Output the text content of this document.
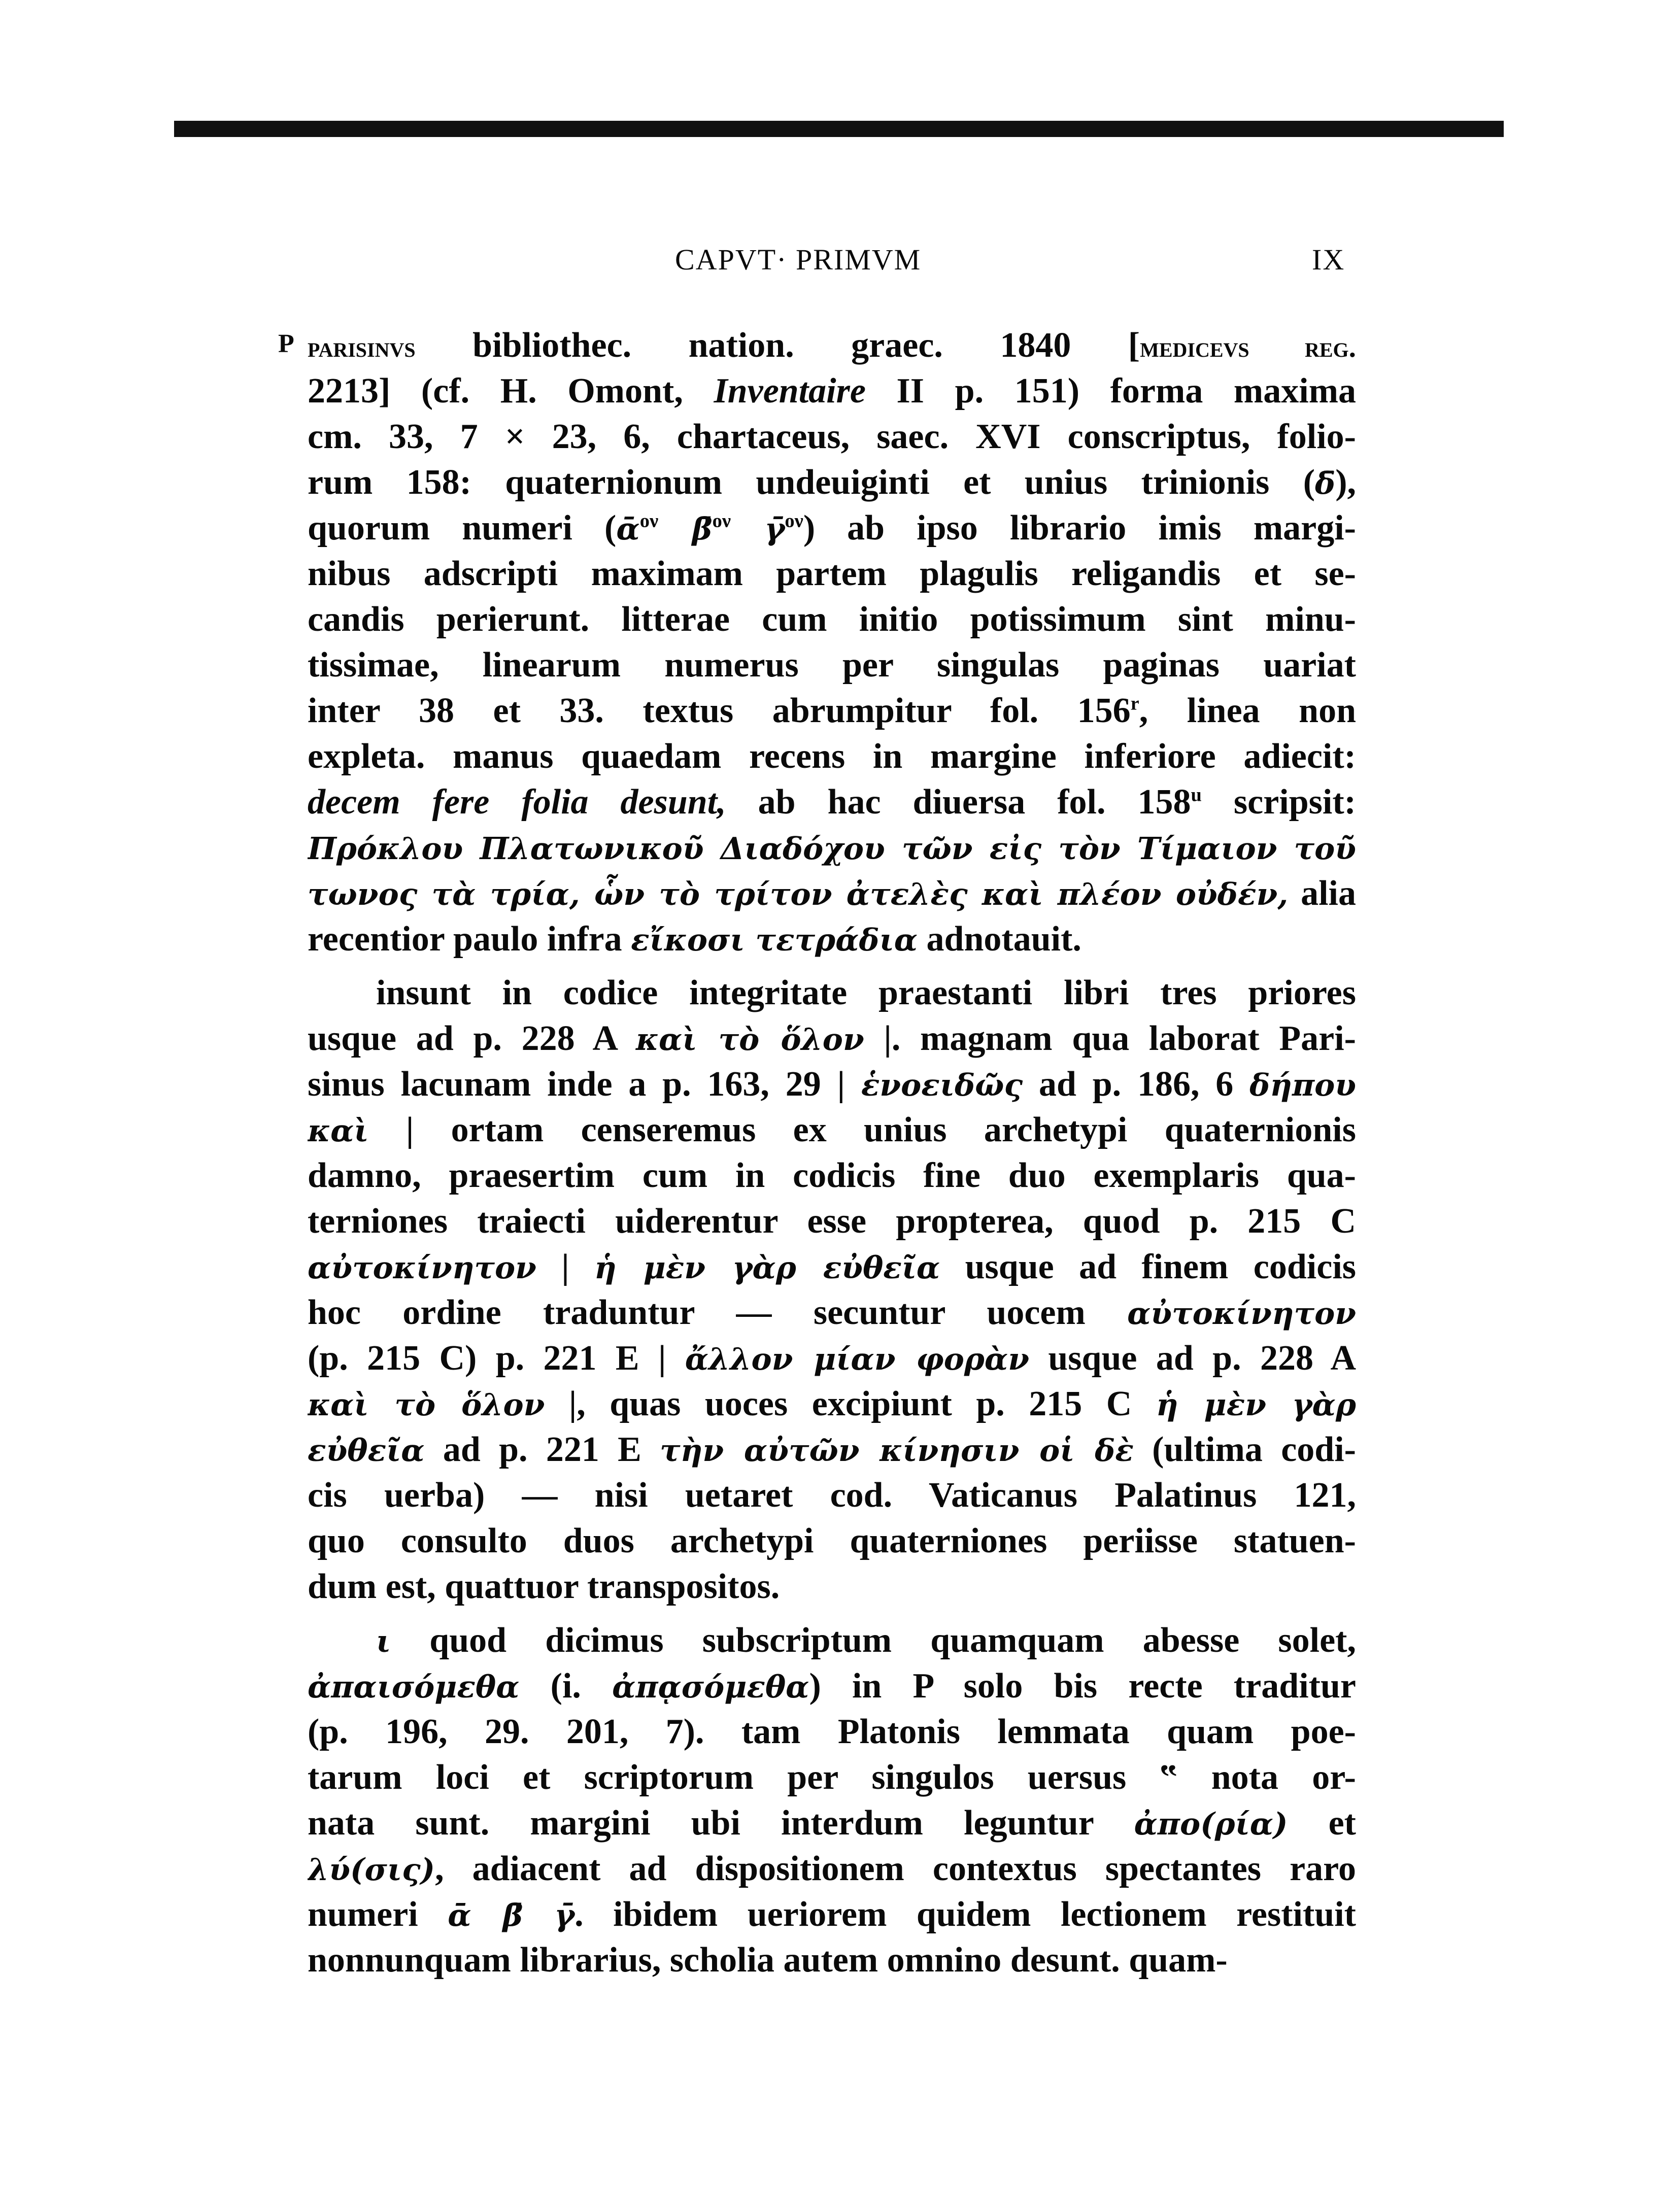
CAPVT· PRIMVM	IX
P parisinvs bibliothec. nation. graec. 1840 [medicevs reg.
2213] (cf. H. Omont, Inventaire II p. 151) forma maxima
cm. 33, 7 × 23, 6, chartaceus, saec. XVI conscriptus, folio-
rum 158: quaternionum undeuiginti et unius trinionis (δ̄),
quorum numeri (ᾱ$^{o\nu}$ β̄$^{o\nu}$ γ̄$^{o\nu}$) ab ipso librario imis margi-
nibus adscripti maximam partem plagulis religandis et se-
candis perierunt. litterae cum initio potissimum sint minu-
tissimae, linearum numerus per singulas paginas uariat
inter 38 et 33. textus abrumpitur fol. 156$^r$, linea non
expleta. manus quaedam recens in margine inferiore adiecit:
decem fere folia desunt, ab hac diuersa fol. 158$^u$ scripsit:
Πρόκλου Πλατωνικοῦ Διαδόχου τῶν εἰς τὸν Τίμαιον τοῦ
τωνος τὰ τρία, ὧν τὸ τρίτον ἀτελὲς καὶ πλέον οὐδέν, alia
recentior paulo infra εἴκοσι τετράδια adnotauit.
insunt in codice integritate praestanti libri tres priores
usque ad p. 228 A καὶ τὸ ὅλον |. magnam qua laborat Pari-
sinus lacunam inde a p. 163, 29 | ἑνοειδῶς ad p. 186, 6 δήπου
καὶ | ortam censeremus ex unius archetypi quaternionis
damno, praesertim cum in codicis fine duo exemplaris qua-
terniones traiecti uiderentur esse propterea, quod p. 215 C
αὐτοκίνητον | ἡ μὲν γὰρ εὐθεῖα usque ad finem codicis
hoc ordine traduntur — secuntur uocem αὐτοκίνητον
(p. 215 C) p. 221 E | ἄλλον μίαν φορὰν usque ad p. 228 A
καὶ τὸ ὅλον |, quas uoces excipiunt p. 215 C ἡ μὲν γὰρ
εὐθεῖα ad p. 221 E τὴν αὐτῶν κίνησιν οἱ δὲ (ultima codi-
cis uerba) — nisi uetaret cod. Vaticanus Palatinus 121,
quo consulto duos archetypi quaterniones periisse statuen-
dum est, quattuor transpositos.
ι quod dicimus subscriptum quamquam abesse solet,
ἀπαισόμεθα (i. ἀπᾳσόμεθα) in P solo bis recte traditur
(p. 196, 29. 201, 7). tam Platonis lemmata quam poe-
tarum loci et scriptorum per singulos uersus ‟ nota or-
nata sunt. margini ubi interdum leguntur ἀπο(ρία) et
λύ(σις), adiacent ad dispositionem contextus spectantes raro
numeri ᾱ β̄ γ̄. ibidem ueriorem quidem lectionem restituit
nonnunquam librarius, scholia autem omnino desunt. quam-
